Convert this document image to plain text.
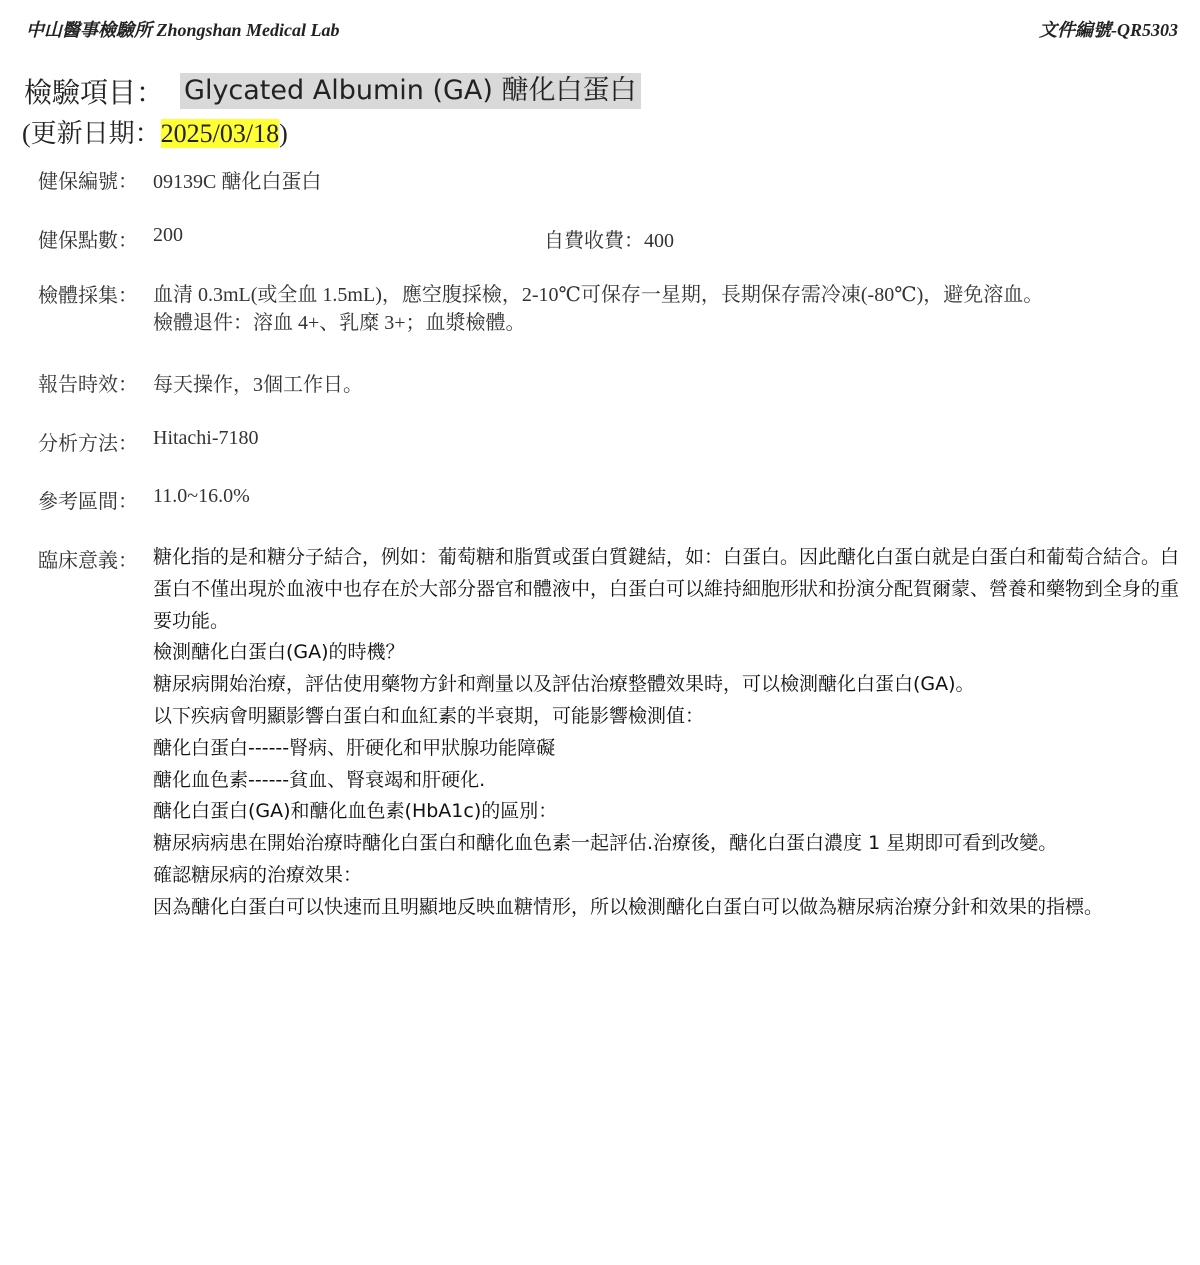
中山醫事檢驗所 Zhongshan Medical Lab	文件編號-QR5303
檢驗項目： Glycated Albumin (GA) 醣化白蛋白
(更新日期：2025/03/18)
健保編號： 09139C 醣化白蛋白
健保點數： 200	自費收費：400
檢體採集： 血清 0.3mL(或全血 1.5mL)，應空腹採檢，2-10℃可保存一星期，長期保存需冷凍(-80℃)，避免溶血。
檢體退件：溶血 4+、乳糜 3+；血漿檢體。
報告時效： 每天操作，3個工作日。
分析方法： Hitachi-7180
參考區間： 11.0~16.0%
臨床意義： 糖化指的是和糖分子結合，例如：葡萄糖和脂質或蛋白質鍵結，如：白蛋白。因此醣化白蛋白就是白蛋白和葡萄合結合。白蛋白不僅出現於血液中也存在於大部分器官和體液中，白蛋白可以維持細胞形狀和扮演分配賀爾蒙、營養和藥物到全身的重要功能。

檢測醣化白蛋白(GA)的時機？

糖尿病開始治療，評估使用藥物方針和劑量以及評估治療整體效果時，可以檢測醣化白蛋白(GA)。

以下疾病會明顯影響白蛋白和血紅素的半衰期，可能影響檢測值：

醣化白蛋白------腎病、肝硬化和甲狀腺功能障礙

醣化血色素------貧血、腎衰竭和肝硬化.

醣化白蛋白(GA)和醣化血色素(HbA1c)的區別：

糖尿病病患在開始治療時醣化白蛋白和醣化血色素一起評估.治療後，醣化白蛋白濃度 1 星期即可看到改變。

確認糖尿病的治療效果：

因為醣化白蛋白可以快速而且明顯地反映血糖情形，所以檢測醣化白蛋白可以做為糖尿病治療分針和效果的指標。
